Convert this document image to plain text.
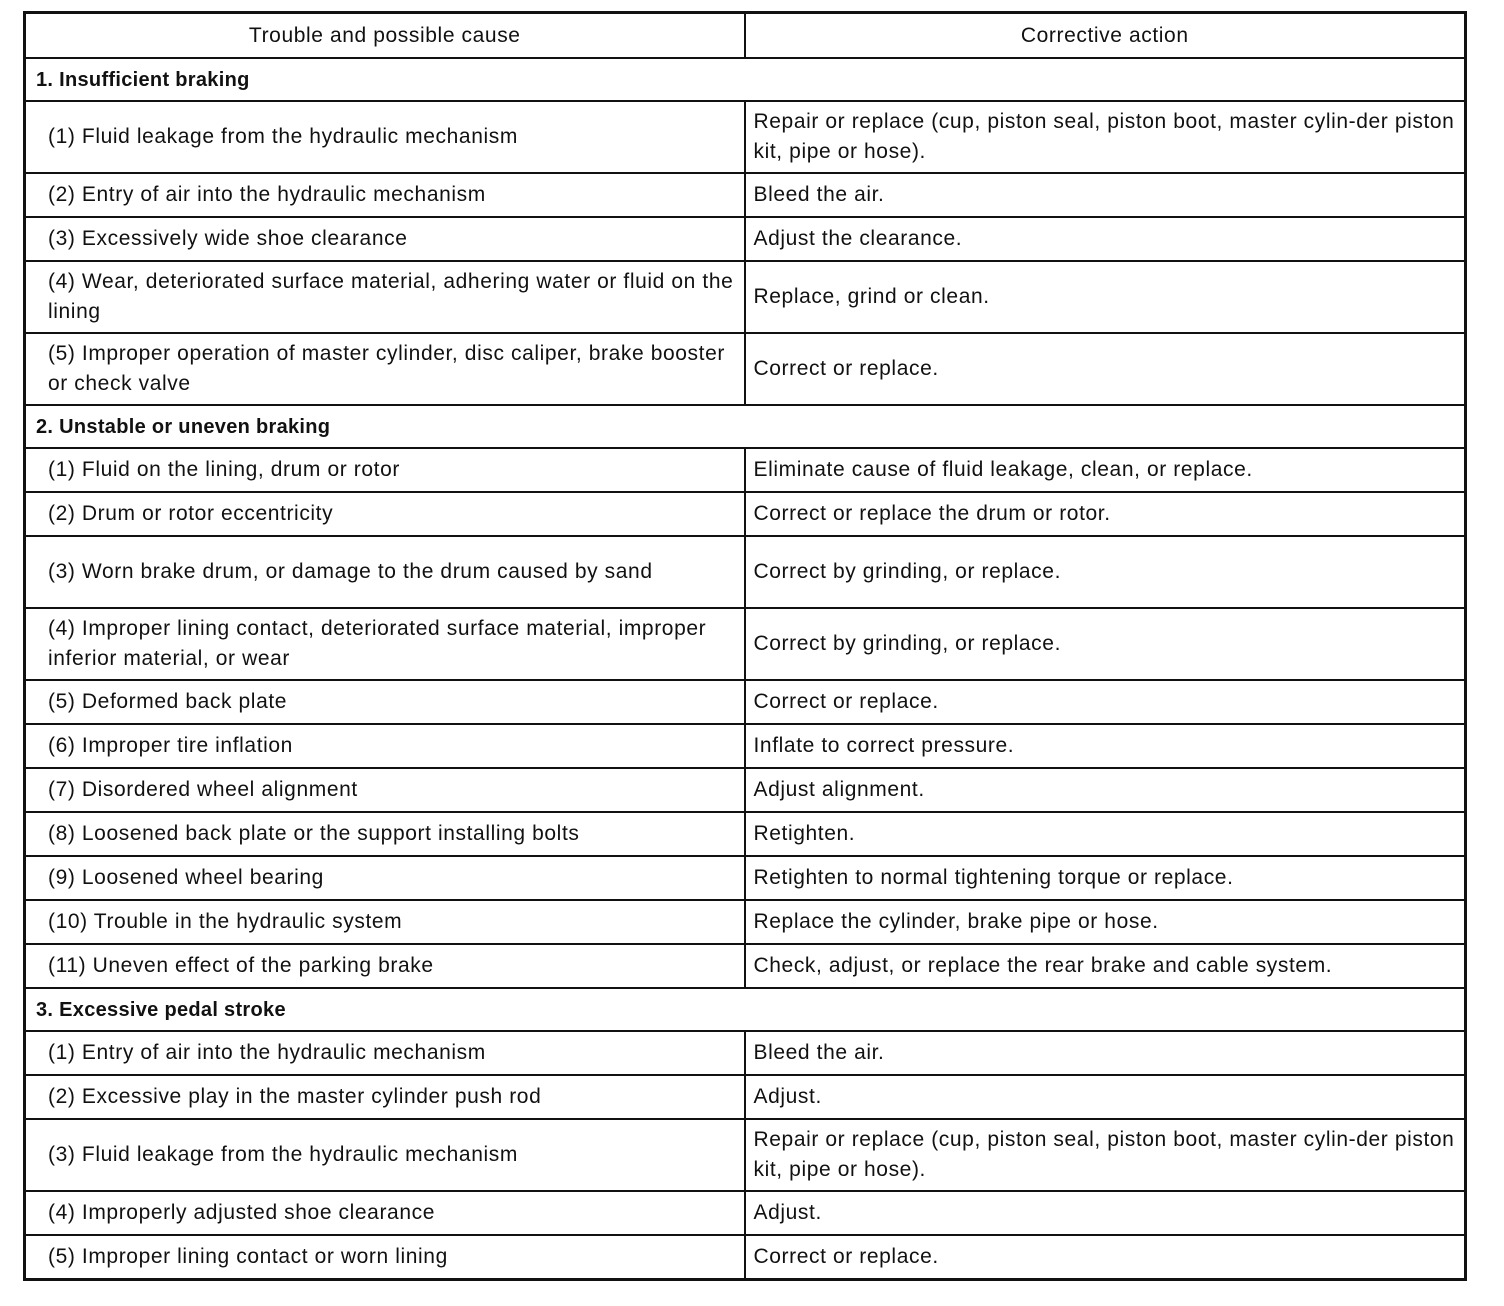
Trouble and possible cause	Corrective action
1. Insufficient braking	
(1) Fluid leakage from the hydraulic mechanism	Repair or replace (cup, piston seal, piston boot, master cylin-der piston kit, pipe or hose).
(2) Entry of air into the hydraulic mechanism	Bleed the air.
(3) Excessively wide shoe clearance	Adjust the clearance.
(4) Wear, deteriorated surface material, adhering water or fluid on the lining	Replace, grind or clean.
(5) Improper operation of master cylinder, disc caliper, brake booster or check valve	Correct or replace.
2. Unstable or uneven braking	
(1) Fluid on the lining, drum or rotor	Eliminate cause of fluid leakage, clean, or replace.
(2) Drum or rotor eccentricity	Correct or replace the drum or rotor.
(3) Worn brake drum, or damage to the drum caused by sand	Correct by grinding, or replace.
(4) Improper lining contact, deteriorated surface material, improper inferior material, or wear	Correct by grinding, or replace.
(5) Deformed back plate	Correct or replace.
(6) Improper tire inflation	Inflate to correct pressure.
(7) Disordered wheel alignment	Adjust alignment.
(8) Loosened back plate or the support installing bolts	Retighten.
(9) Loosened wheel bearing	Retighten to normal tightening torque or replace.
(10) Trouble in the hydraulic system	Replace the cylinder, brake pipe or hose.
(11) Uneven effect of the parking brake	Check, adjust, or replace the rear brake and cable system.
3. Excessive pedal stroke	
(1) Entry of air into the hydraulic mechanism	Bleed the air.
(2) Excessive play in the master cylinder push rod	Adjust.
(3) Fluid leakage from the hydraulic mechanism	Repair or replace (cup, piston seal, piston boot, master cylin-der piston kit, pipe or hose).
(4) Improperly adjusted shoe clearance	Adjust.
(5) Improper lining contact or worn lining	Correct or replace.
